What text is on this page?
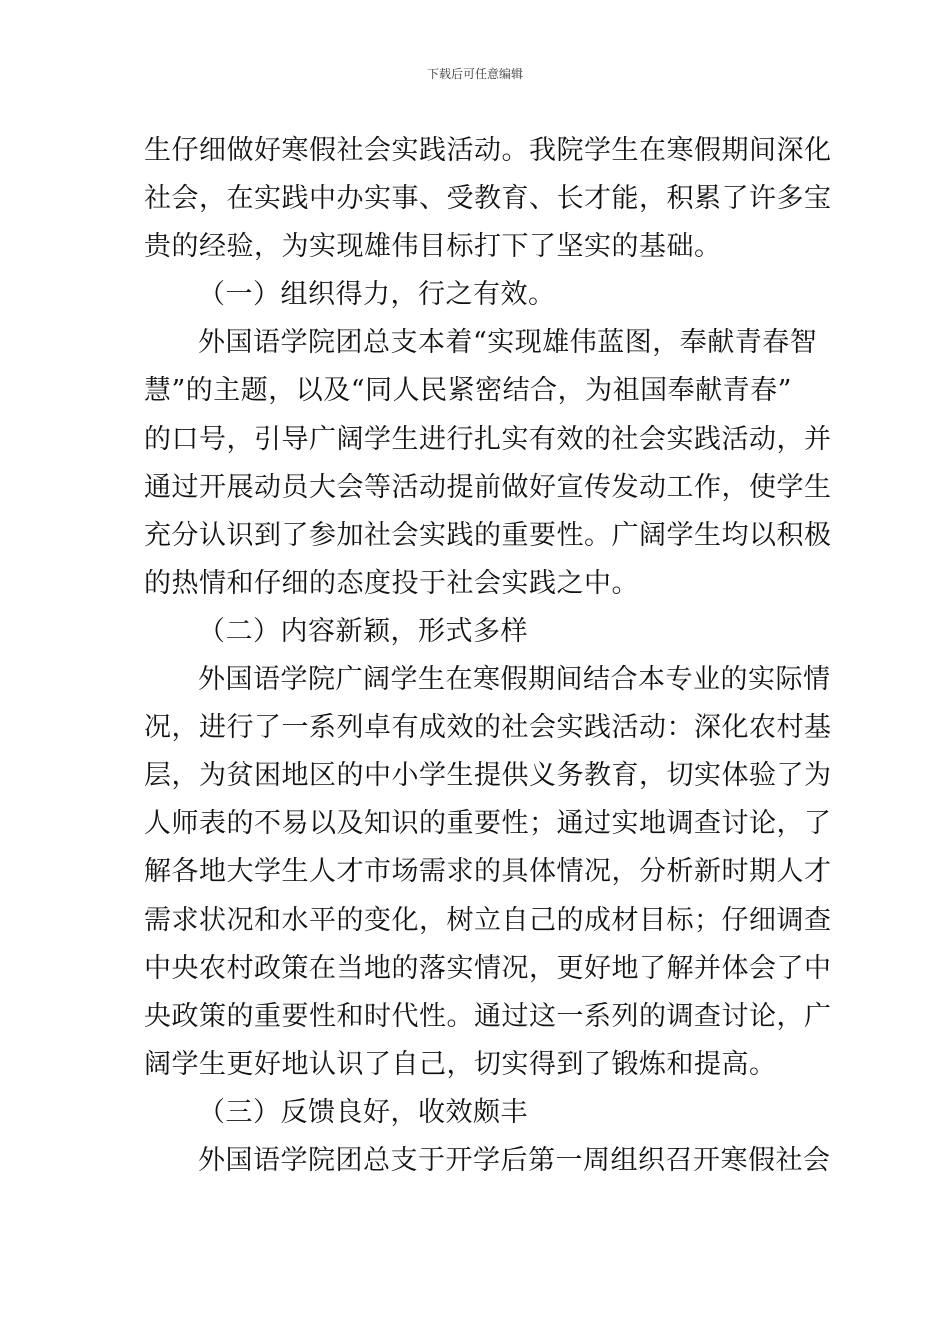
下载后可任意编辑
生仔细做好寒假社会实践活动。我院学生在寒假期间深化
社会，在实践中办实事、受教育、长才能，积累了许多宝
贵的经验，为实现雄伟目标打下了坚实的基础。
（一）组织得力，行之有效。
外国语学院团总支本着“实现雄伟蓝图，奉献青春智
慧”的主题，以及“同人民紧密结合，为祖国奉献青春”
的口号，引导广阔学生进行扎实有效的社会实践活动，并
通过开展动员大会等活动提前做好宣传发动工作，使学生
充分认识到了参加社会实践的重要性。广阔学生均以积极
的热情和仔细的态度投于社会实践之中。
（二）内容新颖，形式多样
外国语学院广阔学生在寒假期间结合本专业的实际情
况，进行了一系列卓有成效的社会实践活动：深化农村基
层，为贫困地区的中小学生提供义务教育，切实体验了为
人师表的不易以及知识的重要性；通过实地调查讨论，了
解各地大学生人才市场需求的具体情况，分析新时期人才
需求状况和水平的变化，树立自己的成材目标；仔细调查
中央农村政策在当地的落实情况，更好地了解并体会了中
央政策的重要性和时代性。通过这一系列的调查讨论，广
阔学生更好地认识了自己，切实得到了锻炼和提高。
（三）反馈良好，收效颇丰
外国语学院团总支于开学后第一周组织召开寒假社会
